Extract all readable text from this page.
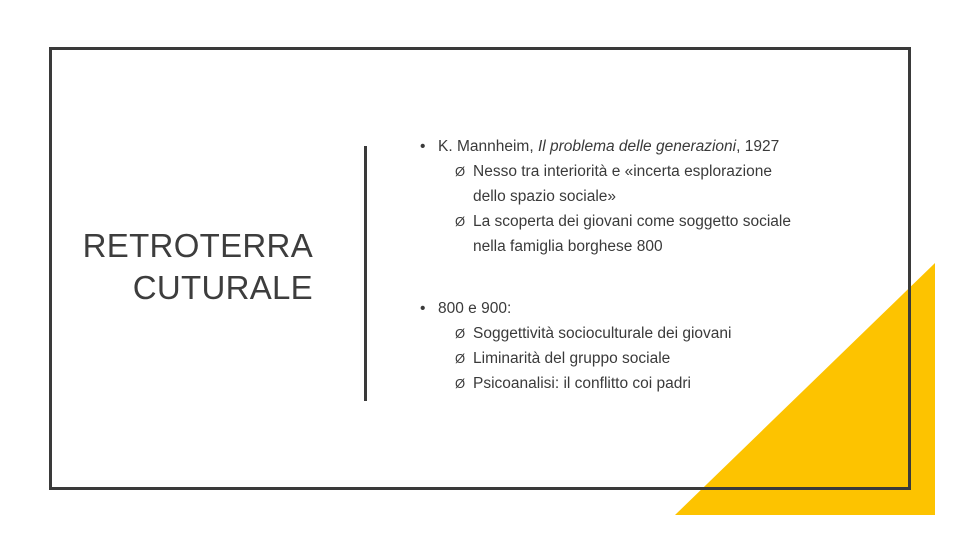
RETROTERRA
CUTURALE
• K. Mannheim, Il problema delle generazioni, 1927
Ø Nesso tra interiorità e «incerta esplorazione dello spazio sociale»
Ø La scoperta dei giovani come soggetto sociale nella famiglia borghese 800
• 800 e 900:
Ø Soggettività socioculturale dei giovani
Ø Liminarità del gruppo sociale
Ø Psicoanalisi: il conflitto coi padri
